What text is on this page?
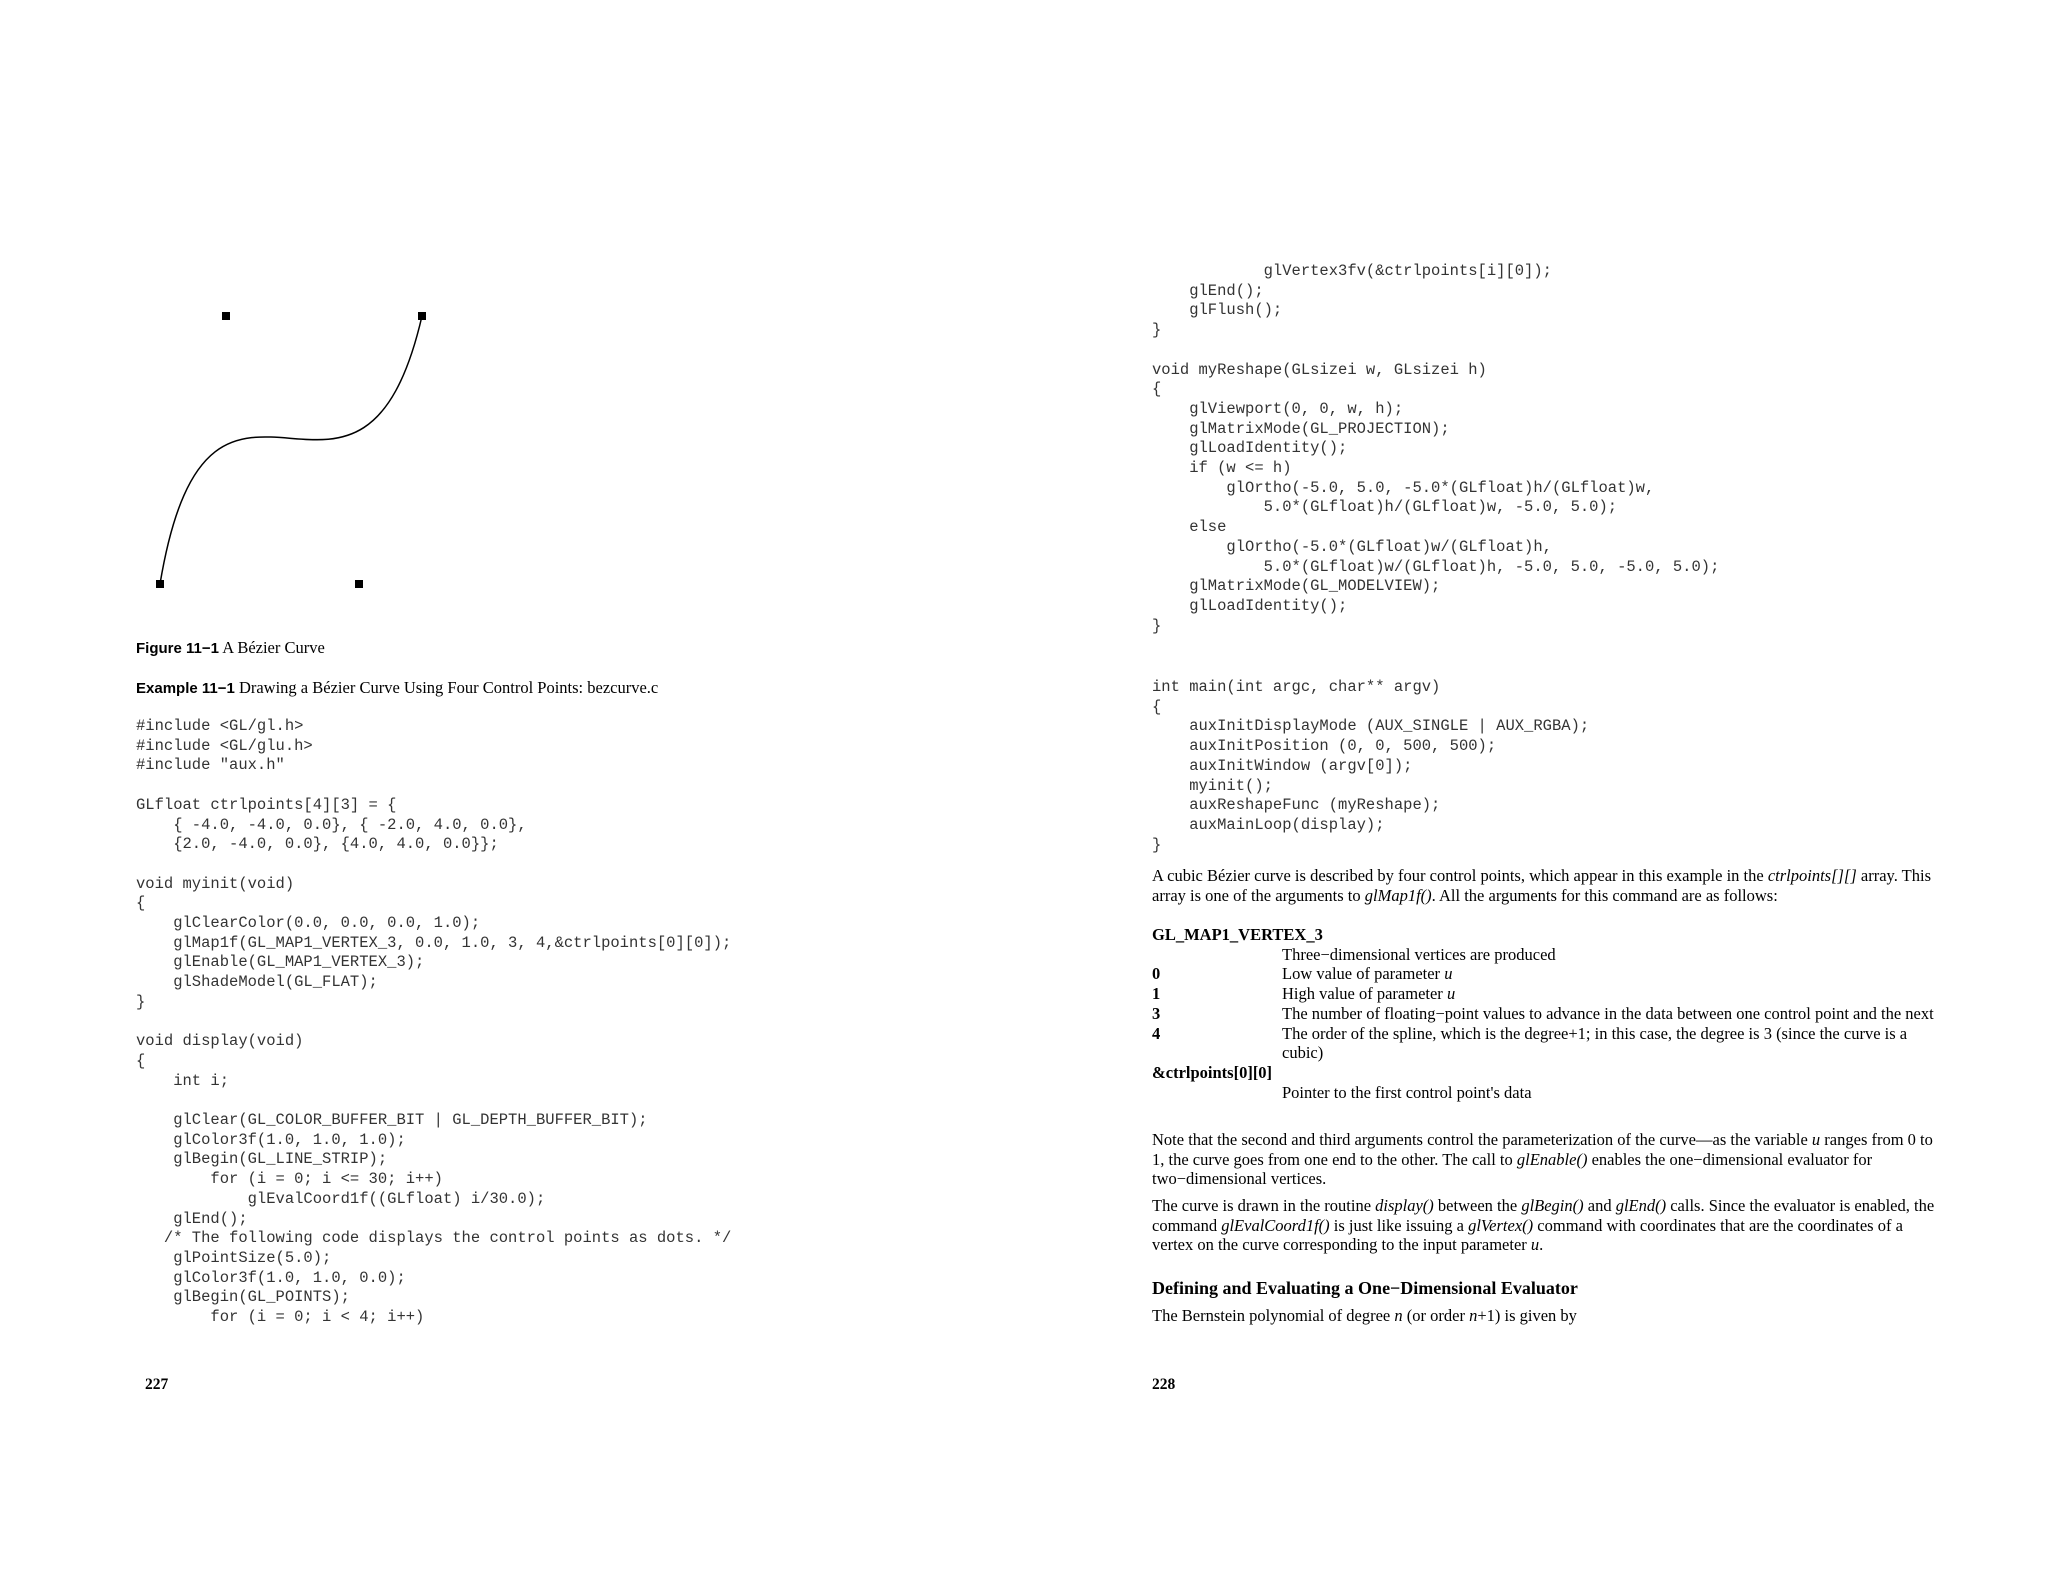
Figure 11−1 A Bézier Curve
Example 11−1 Drawing a Bézier Curve Using Four Control Points: bezcurve.c
#include <GL/gl.h>
#include <GL/glu.h>
#include "aux.h"

GLfloat ctrlpoints[4][3] = {
{ -4.0, -4.0, 0.0}, { -2.0, 4.0, 0.0},
{2.0, -4.0, 0.0}, {4.0, 4.0, 0.0}};

void myinit(void)
{
glClearColor(0.0, 0.0, 0.0, 1.0);
glMap1f(GL_MAP1_VERTEX_3, 0.0, 1.0, 3, 4,&ctrlpoints[0][0]);
glEnable(GL_MAP1_VERTEX_3);
glShadeModel(GL_FLAT);
}

void display(void)
{
int i;

glClear(GL_COLOR_BUFFER_BIT | GL_DEPTH_BUFFER_BIT);
glColor3f(1.0, 1.0, 1.0);
glBegin(GL_LINE_STRIP);
for (i = 0; i <= 30; i++)
glEvalCoord1f((GLfloat) i/30.0);
glEnd();
/* The following code displays the control points as dots. */
glPointSize(5.0);
glColor3f(1.0, 1.0, 0.0);
glBegin(GL_POINTS);
for (i = 0; i < 4; i++)
227
glVertex3fv(&ctrlpoints[i][0]);
glEnd();
glFlush();
}

void myReshape(GLsizei w, GLsizei h)
{
glViewport(0, 0, w, h);
glMatrixMode(GL_PROJECTION);
glLoadIdentity();
if (w <= h)
glOrtho(-5.0, 5.0, -5.0*(GLfloat)h/(GLfloat)w,
5.0*(GLfloat)h/(GLfloat)w, -5.0, 5.0);
else
glOrtho(-5.0*(GLfloat)w/(GLfloat)h,
5.0*(GLfloat)w/(GLfloat)h, -5.0, 5.0, -5.0, 5.0);
glMatrixMode(GL_MODELVIEW);
glLoadIdentity();
}
int main(int argc, char** argv)
{
auxInitDisplayMode (AUX_SINGLE | AUX_RGBA);
auxInitPosition (0, 0, 500, 500);
auxInitWindow (argv[0]);
myinit();
auxReshapeFunc (myReshape);
auxMainLoop(display);
}

A cubic Bézier curve is described by four control points, which appear in this example in the ctrlpoints[][] array. This array is one of the arguments to glMap1f(). All the arguments for this command are as follows:

GL_MAP1_VERTEX_3
Three−dimensional vertices are produced
0	Low value of parameter u
1	High value of parameter u
3	The number of floating−point values to advance in the data between one control point and the next
4	The order of the spline, which is the degree+1; in this case, the degree is 3 (since the curve is a cubic)
&ctrlpoints[0][0]
Pointer to the first control point's data

Note that the second and third arguments control the parameterization of the curve—as the variable u ranges from 0 to 1, the curve goes from one end to the other. The call to glEnable() enables the one−dimensional evaluator for two−dimensional vertices.

The curve is drawn in the routine display() between the glBegin() and glEnd() calls. Since the evaluator is enabled, the command glEvalCoord1f() is just like issuing a glVertex() command with coordinates that are the coordinates of a vertex on the curve corresponding to the input parameter u.

Defining and Evaluating a One−Dimensional Evaluator

The Bernstein polynomial of degree n (or order n+1) is given by

228
